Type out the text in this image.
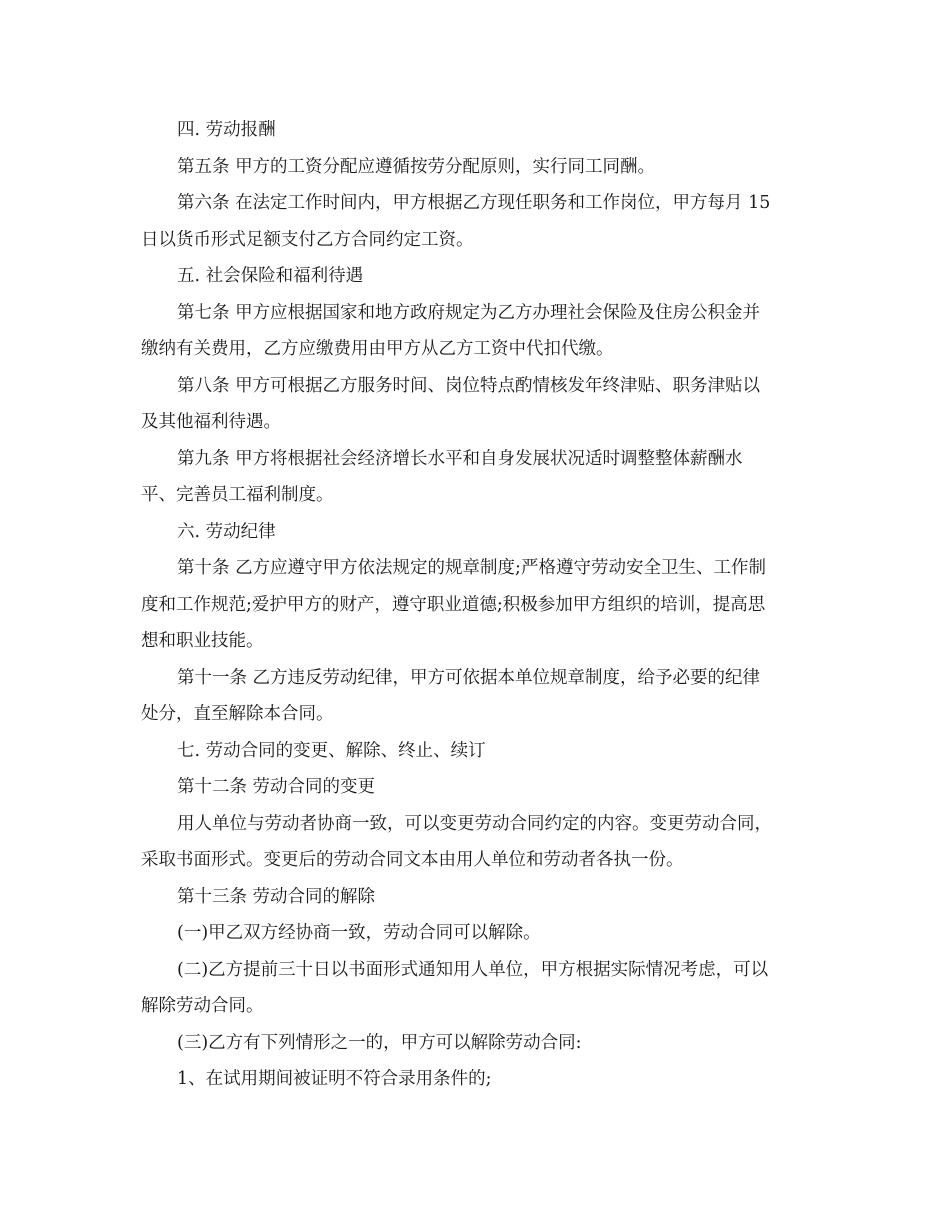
四. 劳动报酬

第五条 甲方的工资分配应遵循按劳分配原则，实行同工同酬。

第六条 在法定工作时间内，甲方根据乙方现任职务和工作岗位，甲方每月 15
日以货币形式足额支付乙方合同约定工资。

五. 社会保险和福利待遇

第七条 甲方应根据国家和地方政府规定为乙方办理社会保险及住房公积金并
缴纳有关费用，乙方应缴费用由甲方从乙方工资中代扣代缴。

第八条 甲方可根据乙方服务时间、岗位特点酌情核发年终津贴、职务津贴以
及其他福利待遇。

第九条 甲方将根据社会经济增长水平和自身发展状况适时调整整体薪酬水
平、完善员工福利制度。

六. 劳动纪律

第十条 乙方应遵守甲方依法规定的规章制度;严格遵守劳动安全卫生、工作制
度和工作规范;爱护甲方的财产，遵守职业道德;积极参加甲方组织的培训，提高思
想和职业技能。

第十一条 乙方违反劳动纪律，甲方可依据本单位规章制度，给予必要的纪律
处分，直至解除本合同。

七. 劳动合同的变更、解除、终止、续订

第十二条 劳动合同的变更

用人单位与劳动者协商一致，可以变更劳动合同约定的内容。变更劳动合同，
采取书面形式。变更后的劳动合同文本由用人单位和劳动者各执一份。

第十三条 劳动合同的解除

(一)甲乙双方经协商一致，劳动合同可以解除。

(二)乙方提前三十日以书面形式通知用人单位，甲方根据实际情况考虑，可以
解除劳动合同。

(三)乙方有下列情形之一的，甲方可以解除劳动合同:

1、在试用期间被证明不符合录用条件的;
